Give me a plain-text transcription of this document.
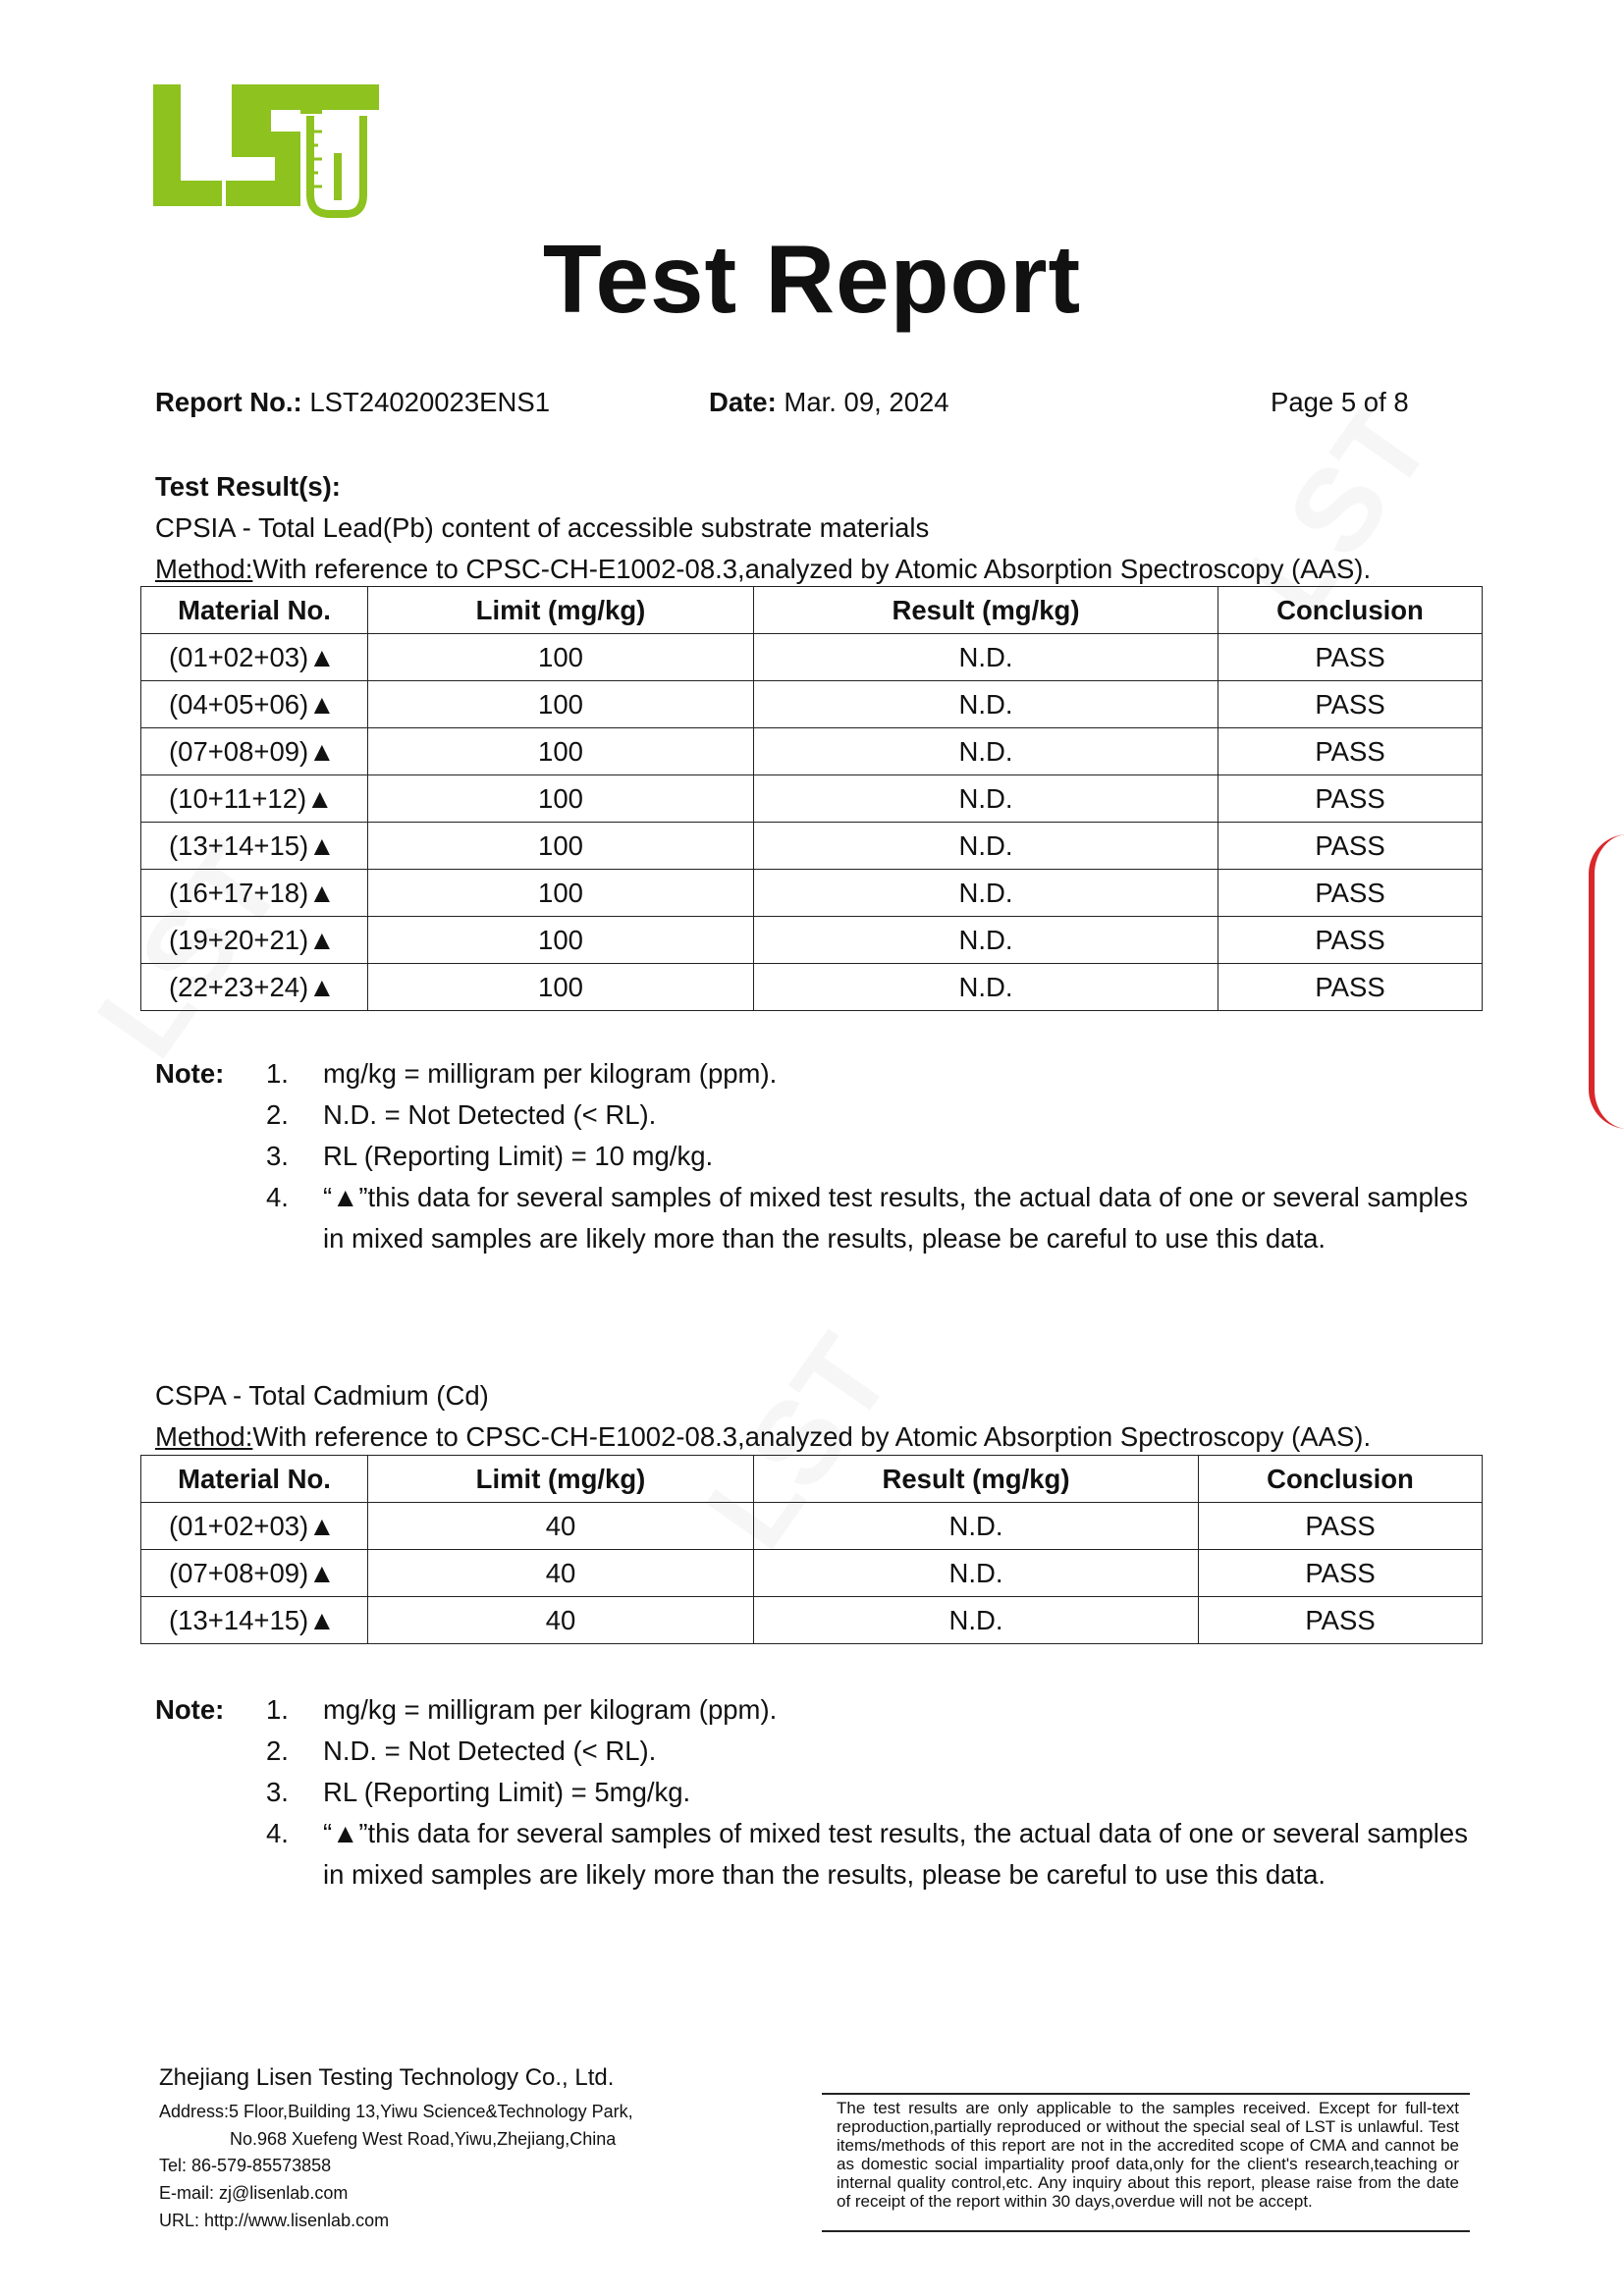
Test Report
Report No.: LST24020023ENS1	Date: Mar. 09, 2024	Page 5 of 8
Test Result(s):
CPSIA - Total Lead(Pb) content of accessible substrate materials
Method:With reference to CPSC-CH-E1002-08.3,analyzed by Atomic Absorption Spectroscopy (AAS).
Material No.	Limit (mg/kg)	Result (mg/kg)	Conclusion
(01+02+03)▲	100	N.D.	PASS
(04+05+06)▲	100	N.D.	PASS
(07+08+09)▲	100	N.D.	PASS
(10+11+12)▲	100	N.D.	PASS
(13+14+15)▲	100	N.D.	PASS
(16+17+18)▲	100	N.D.	PASS
(19+20+21)▲	100	N.D.	PASS
(22+23+24)▲	100	N.D.	PASS
Note: 1. mg/kg = milligram per kilogram (ppm).
2. N.D. = Not Detected (< RL).
3. RL (Reporting Limit) = 10 mg/kg.
4. “▲”this data for several samples of mixed test results, the actual data of one or several samples
in mixed samples are likely more than the results, please be careful to use this data.
CSPA - Total Cadmium (Cd)
Method:With reference to CPSC-CH-E1002-08.3,analyzed by Atomic Absorption Spectroscopy (AAS).
Material No.	Limit (mg/kg)	Result (mg/kg)	Conclusion
(01+02+03)▲	40	N.D.	PASS
(07+08+09)▲	40	N.D.	PASS
(13+14+15)▲	40	N.D.	PASS
Note: 1. mg/kg = milligram per kilogram (ppm).
2. N.D. = Not Detected (< RL).
3. RL (Reporting Limit) = 5mg/kg.
4. “▲”this data for several samples of mixed test results, the actual data of one or several samples
in mixed samples are likely more than the results, please be careful to use this data.
Zhejiang Lisen Testing Technology Co., Ltd.
Address:5 Floor,Building 13,Yiwu Science&Technology Park,
No.968 Xuefeng West Road,Yiwu,Zhejiang,China
Tel: 86-579-85573858
E-mail: zj@lisenlab.com
URL: http://www.lisenlab.com
The test results are only applicable to the samples received. Except for full-text reproduction,partially reproduced or without the special seal of LST is unlawful. Test items/methods of this report are not in the accredited scope of CMA and cannot be as domestic social impartiality proof data,only for the client's research,teaching or internal quality control,etc. Any inquiry about this report, please raise from the date of receipt of the report within 30 days,overdue will not be accept.
